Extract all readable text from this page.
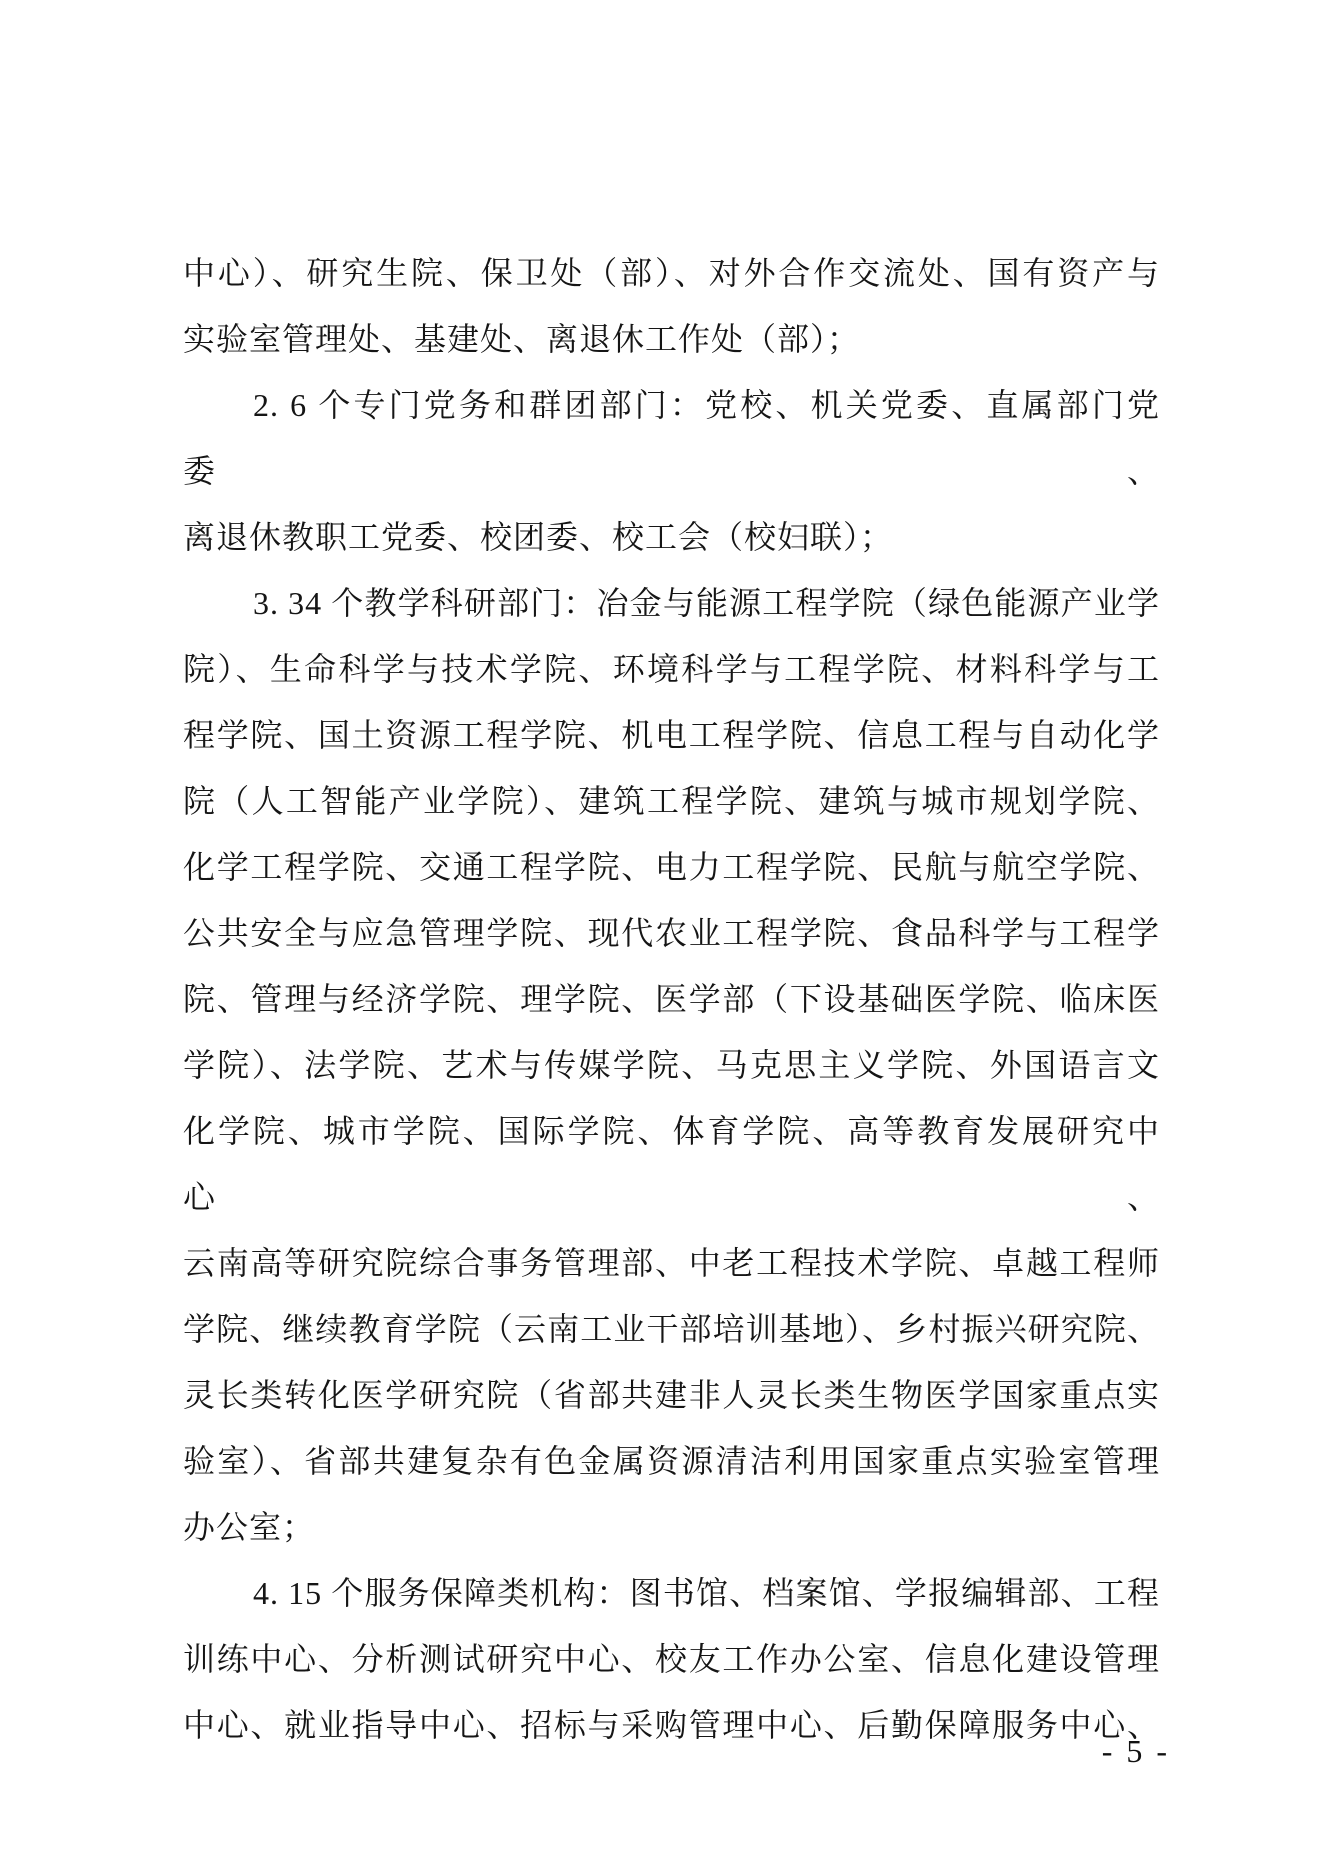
中心）、研究生院、保卫处（部）、对外合作交流处、国有资产与
实验室管理处、基建处、离退休工作处（部）；
2. 6 个专门党务和群团部门：党校、机关党委、直属部门党委、
离退休教职工党委、校团委、校工会（校妇联）；
3. 34 个教学科研部门：冶金与能源工程学院（绿色能源产业学
院）、生命科学与技术学院、环境科学与工程学院、材料科学与工
程学院、国土资源工程学院、机电工程学院、信息工程与自动化学
院（人工智能产业学院）、建筑工程学院、建筑与城市规划学院、
化学工程学院、交通工程学院、电力工程学院、民航与航空学院、
公共安全与应急管理学院、现代农业工程学院、食品科学与工程学
院、管理与经济学院、理学院、医学部（下设基础医学院、临床医
学院）、法学院、艺术与传媒学院、马克思主义学院、外国语言文
化学院、城市学院、国际学院、体育学院、高等教育发展研究中心、
云南高等研究院综合事务管理部、中老工程技术学院、卓越工程师
学院、继续教育学院（云南工业干部培训基地）、乡村振兴研究院、
灵长类转化医学研究院（省部共建非人灵长类生物医学国家重点实
验室）、省部共建复杂有色金属资源清洁利用国家重点实验室管理
办公室；
4. 15 个服务保障类机构：图书馆、档案馆、学报编辑部、工程
训练中心、分析测试研究中心、校友工作办公室、信息化建设管理
中心、就业指导中心、招标与采购管理中心、后勤保障服务中心、
- 5 -
